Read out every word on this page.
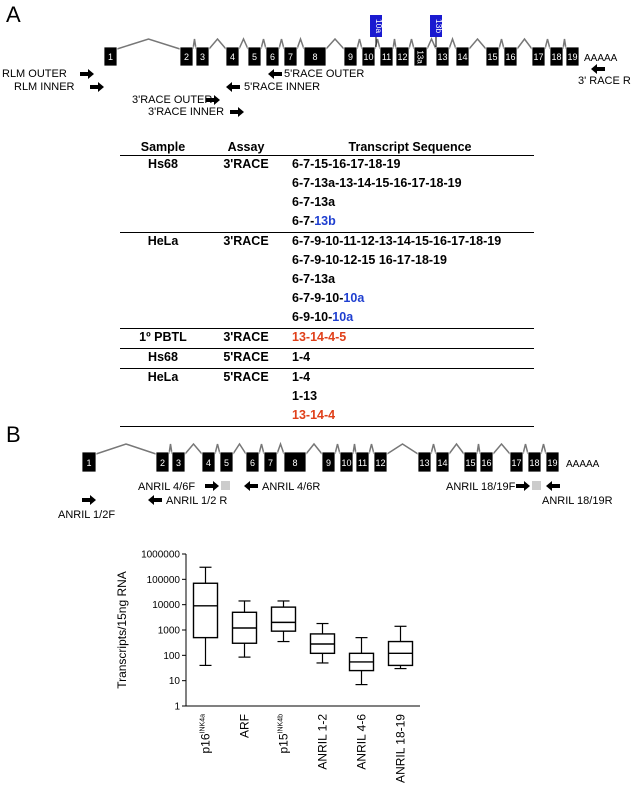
A
1	2 3	4 5 6 7 8	9 10 11 12 13a 13 14 15 16 17 18 19
10a	13b
AAAAA
RLM OUTER
RLM INNER
5'RACE OUTER
5'RACE INNER
3'RACE OUTER
3'RACE INNER
3' RACE R
Sample	Assay	Transcript Sequence
Hs68	3'RACE	6-7-15-16-17-18-19
		6-7-13a-13-14-15-16-17-18-19
		6-7-13a
		6-7-13b
HeLa	3'RACE	6-7-9-10-11-12-13-14-15-16-17-18-19
		6-7-9-10-12-15 16-17-18-19
		6-7-13a
		6-7-9-10-10a
		6-9-10-10a
1º PBTL	3'RACE	13-14-4-5
Hs68	5'RACE	1-4
HeLa	5'RACE	1-4
		1-13
		13-14-4
B
1	2 3	4 5 6 7 8	9 10 11 12	13 14 15 16 17 18 19 AAAAA
ANRIL 1/2F
ANRIL 4/6F
ANRIL 1/2 R
ANRIL 4/6R	ANRIL 18/19F
ANRIL 18/19R
1
10
100
1000
10000
100000
1000000
Transcripts/15ng RNA
$p16^{INK4a}$	ARF
$p15^{INK4b}$	ANRIL 1-2 ANRIL 4-6 ANRIL 18-19
